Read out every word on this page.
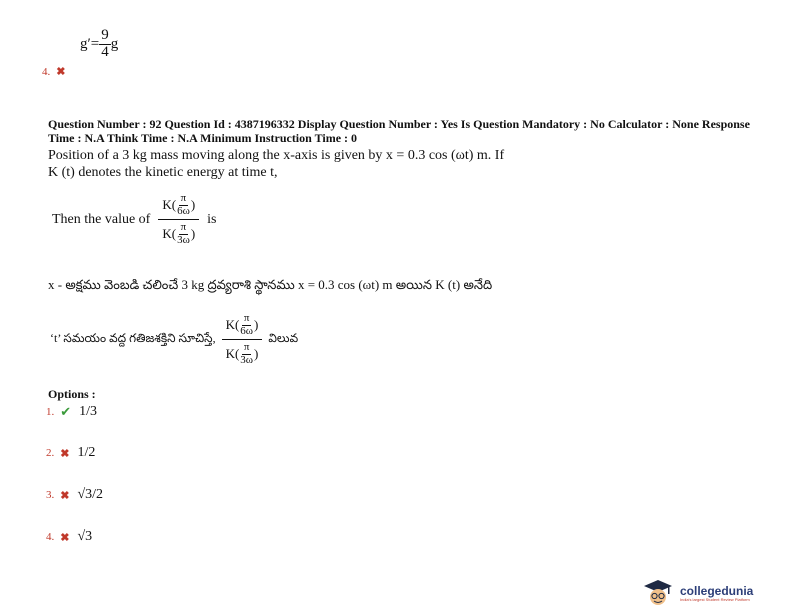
4. ✖
$g'= \frac{9}{4}$ g
Question Number : 92 Question Id : 4387196332 Display Question Number : Yes Is Question Mandatory : No Calculator : None Response
Time : N.A Think Time : N.A Minimum Instruction Time : 0
Position of a 3 kg mass moving along the x-axis is given by x = 0.3 cos (ωt) m. If
K (t) denotes the kinetic energy at time t,
Then the value of
$K( \frac{\pi}{6\omega}$ )
$K( \frac{\pi}{3\omega}$ )
is
x - అక్షము వెంబడి చలించే 3 kg ద్రవ్యరాశి స్థానము x = 0.3 cos (ωt) m అయిన K (t) అనేది
‘t’ సమయం వద్ద గతిజశక్తిని సూచిస్తే,
$K( \frac{\pi}{6\omega}$ )
$K( \frac{\pi}{3\omega}$ )
విలువ
Options :
1. ✔ 1/3
2. ✖ 1/2
3. ✖ √3/2
4. ✖ √3
collegedunia
India's largest Student Review Platform
